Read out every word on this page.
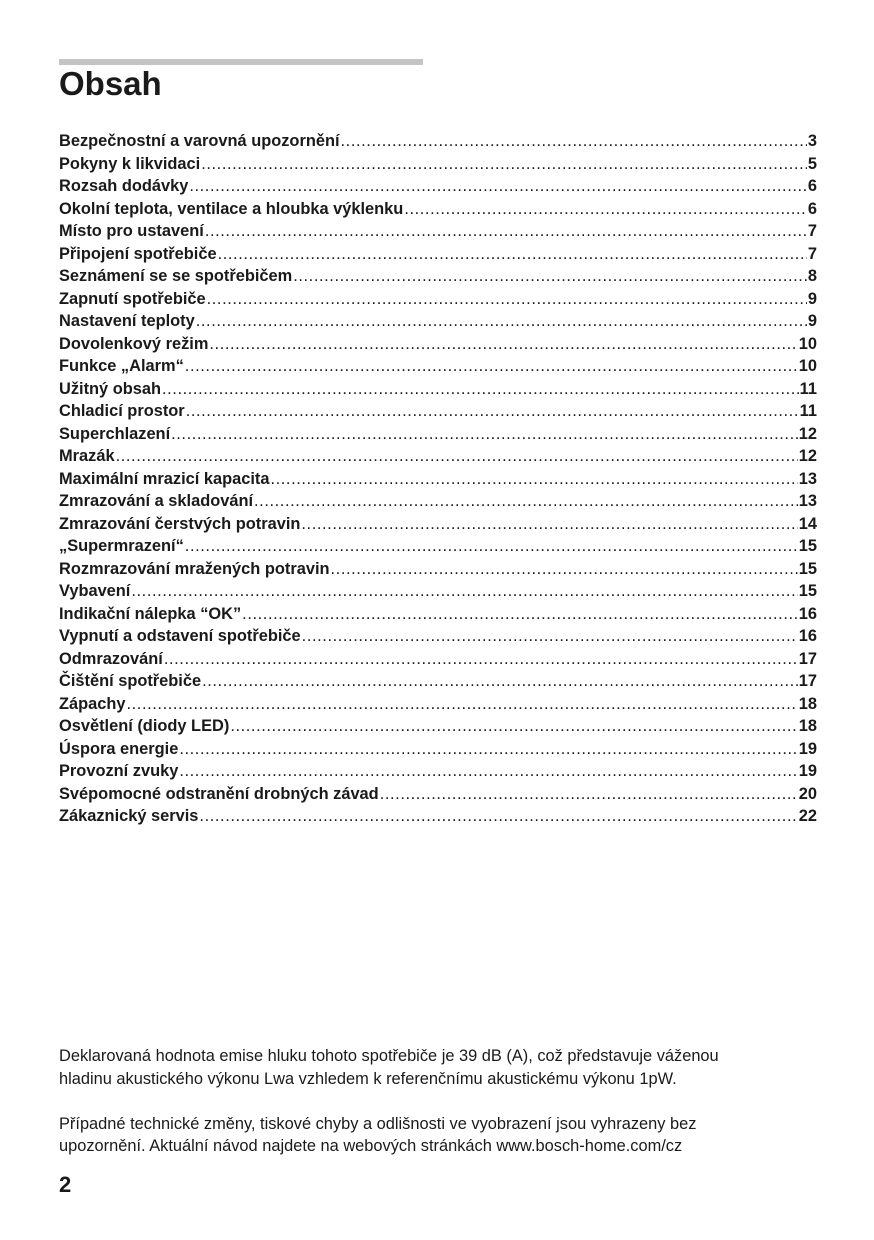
Obsah
Bezpečnostní a varovná upozornění .....	3
Pokyny k likvidaci .....	5
Rozsah dodávky .....	6
Okolní teplota, ventilace a hloubka výklenku .....	6
Místo pro ustavení .....	7
Připojení spotřebiče .....	7
Seznámení se se spotřebičem .....	8
Zapnutí spotřebiče .....	9
Nastavení teploty .....	9
Dovolenkový režim .....	10
Funkce „Alarm“ .....	10
Užitný obsah .....	11
Chladicí prostor .....	11
Superchlazení .....	12
Mrazák .....	12
Maximální mrazicí kapacita .....	13
Zmrazování a skladování .....	13
Zmrazování čerstvých potravin .....	14
„Supermrazení“ .....	15
Rozmrazování mražených potravin .....	15
Vybavení .....	15
Indikační nálepka “OK” .....	16
Vypnutí a odstavení spotřebiče .....	16
Odmrazování .....	17
Čištění spotřebiče .....	17
Zápachy .....	18
Osvětlení (diody LED) .....	18
Úspora energie .....	19
Provozní zvuky .....	19
Svépomocné odstranění drobných závad .....	20
Zákaznický servis .....	22

Deklarovaná hodnota emise hluku tohoto spotřebiče je 39 dB (A), což představuje váženou
hladinu akustického výkonu Lwa vzhledem k referenčnímu akustickému výkonu 1pW.

Případné technické změny, tiskové chyby a odlišnosti ve vyobrazení jsou vyhrazeny bez
upozornění. Aktuální návod najdete na webových stránkách www.bosch-home.com/cz

2
